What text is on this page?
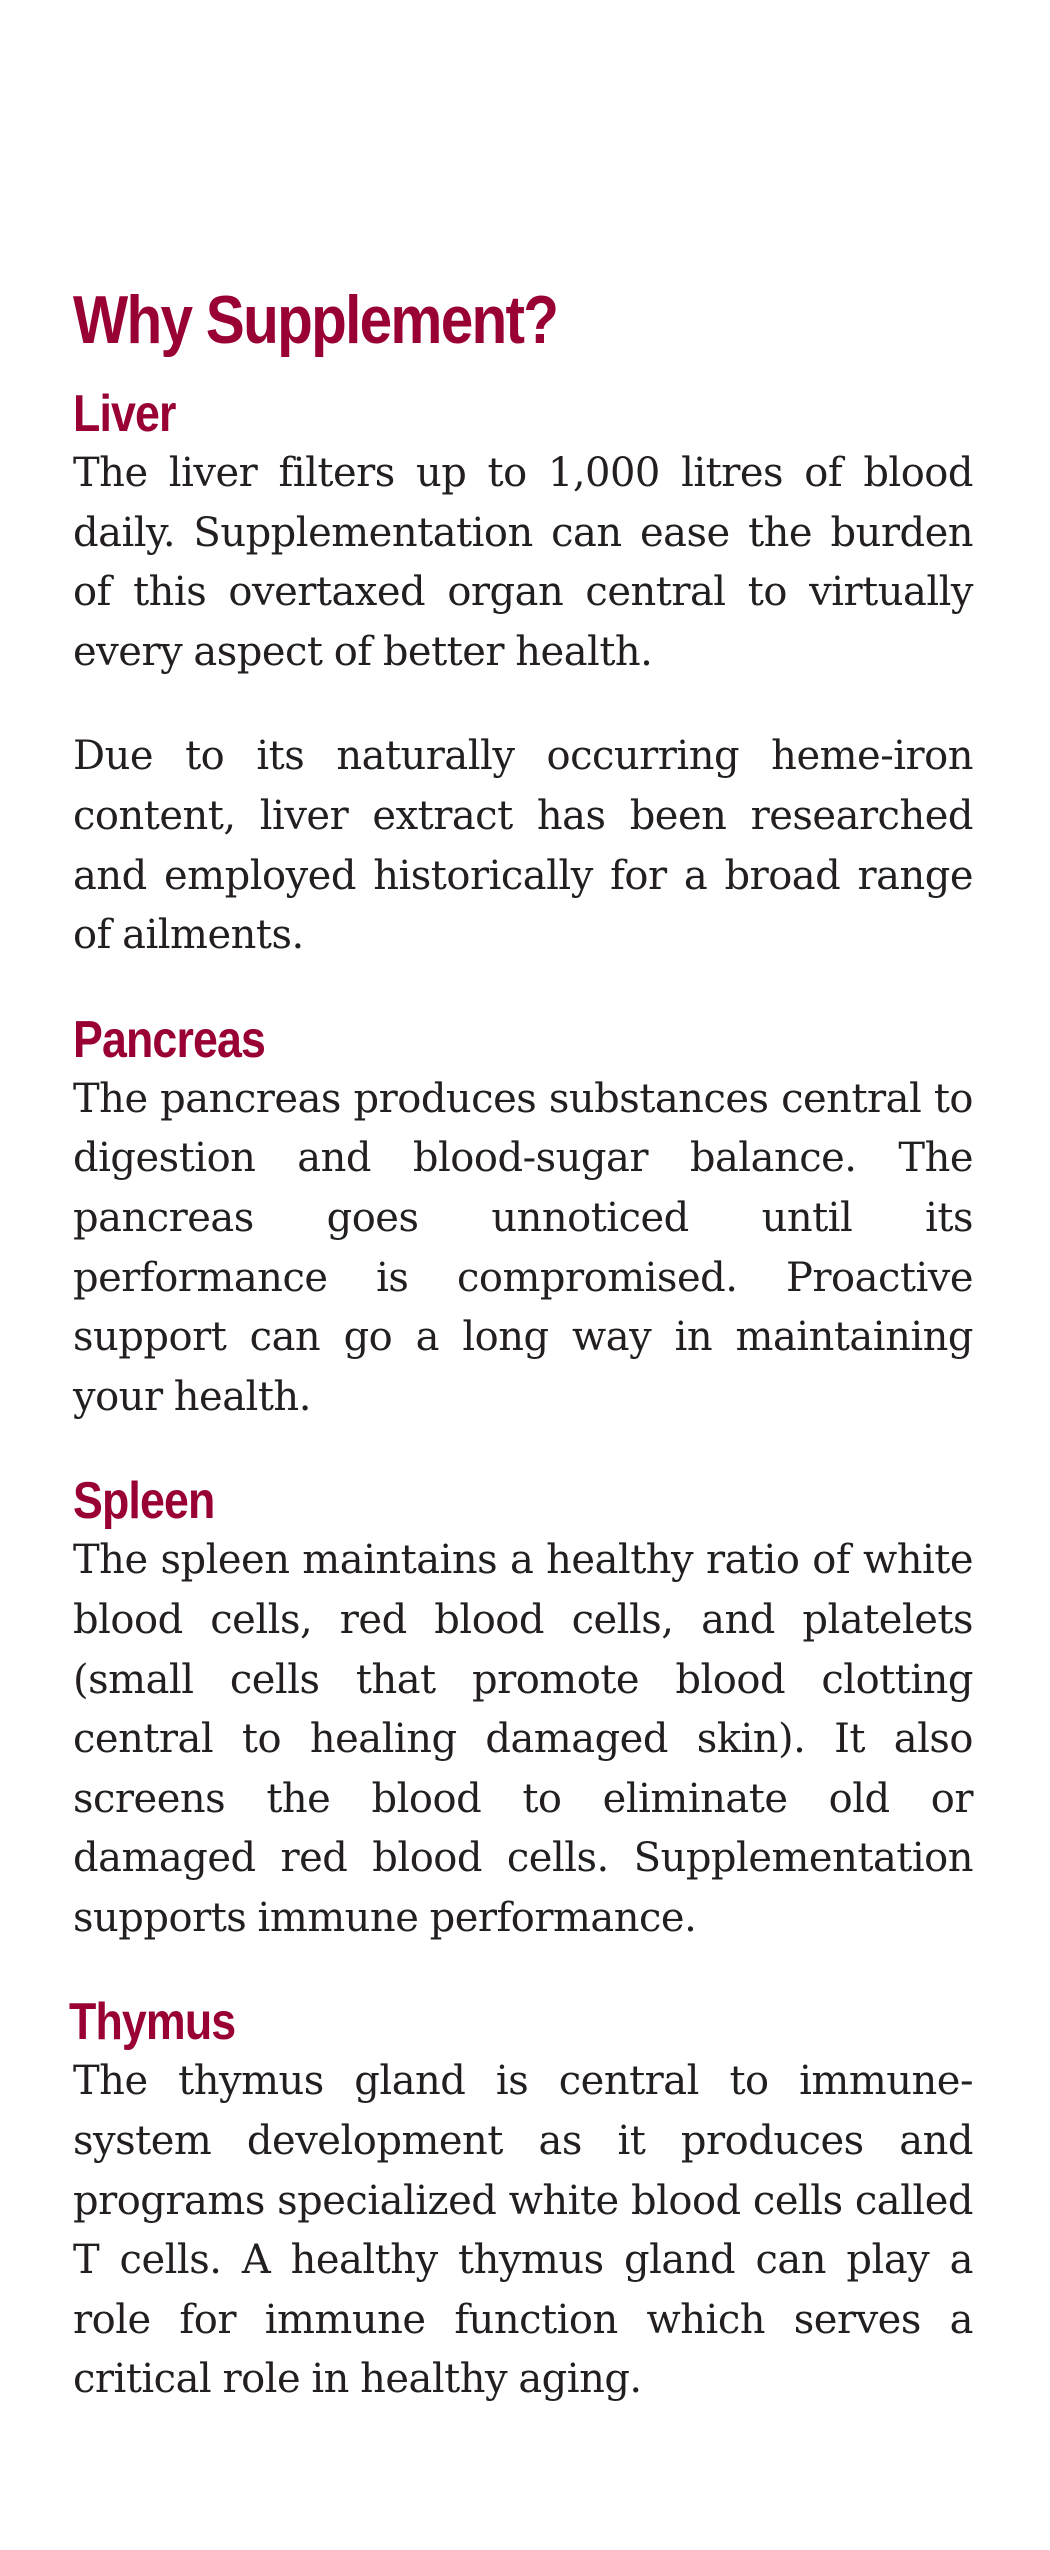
Why Supplement?
Liver

The liver filters up to 1,000 litres of blood daily. Supplementation can ease the burden of this overtaxed organ central to virtually every aspect of better health.

Due to its naturally occurring heme-iron content, liver extract has been researched and employed historically for a broad range of ailments.

Pancreas

The pancreas produces substances central to digestion and blood-sugar balance. The pancreas goes unnoticed until its performance is compromised. Proactive support can go a long way in maintaining your health.

Spleen

The spleen maintains a healthy ratio of white blood cells, red blood cells, and platelets (small cells that promote blood clotting central to healing damaged skin). It also screens the blood to eliminate old or damaged red blood cells. Supplementation supports immune performance.

Thymus

The thymus gland is central to immune-system development as it produces and programs specialized white blood cells called T cells. A healthy thymus gland can play a role for immune function which serves a critical role in healthy aging.
